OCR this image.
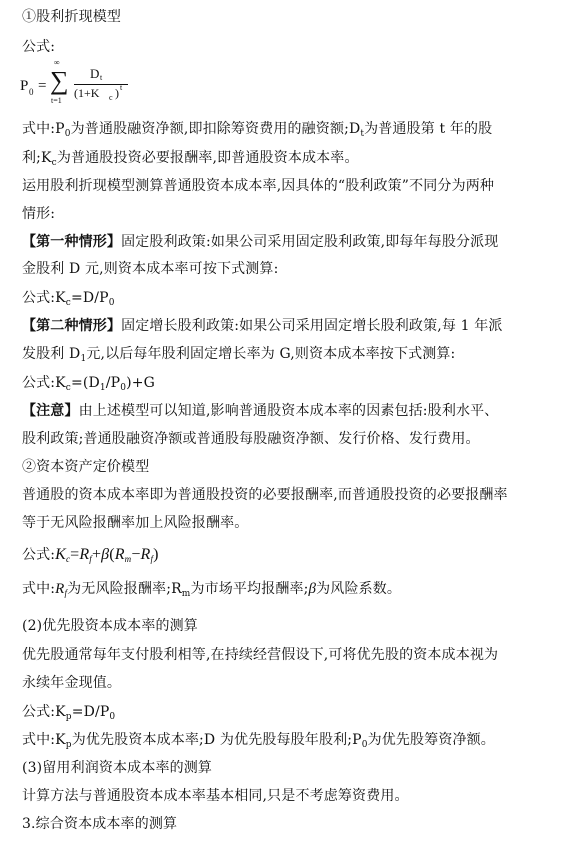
①股利折现模型
公式:
P 0 =
∞
∑
t=1
D t
(1+K c ) t
式中$:P_0$为普通股融资净额,即扣除筹资费用的融资额$;D_t$为普通股第 t 年的股
利$;K_c$为普通股投资必要报酬率,即普通股资本成本率。
运用股利折现模型测算普通股资本成本率,因具体的“股利政策”不同分为两种
情形:
【第一种情形】固定股利政策:如果公司采用固定股利政策,即每年每股分派现
金股利 D 元,则资本成本率可按下式测算:
公式$:K_c=D/P_0$
【第二种情形】固定增长股利政策:如果公司采用固定增长股利政策,每 1 年派
发股利 $D_1$元,以后每年股利固定增长率为 G,则资本成本率按下式测算:
公式$:K_c=(D_1/P_0)+G$
【注意】由上述模型可以知道,影响普通股资本成本率的因素包括:股利水平、
股利政策;普通股融资净额或普通股每股融资净额、发行价格、发行费用。
②资本资产定价模型
普通股的资本成本率即为普通股投资的必要报酬率,而普通股投资的必要报酬率
等于无风险报酬率加上风险报酬率。
公式$:K_c=R_f+\beta(R_m-R_f)$
式中$:R_f$为无风险报酬率$;R_m$为市场平均报酬率;β为风险系数。
(2)优先股资本成本率的测算
优先股通常每年支付股利相等,在持续经营假设下,可将优先股的资本成本视为
永续年金现值。
公式$:K_p=D/P_0$
式中$:K_p$为优先股资本成本率;D 为优先股每股年股利$;P_0$为优先股筹资净额。
(3)留用利润资本成本率的测算
计算方法与普通股资本成本率基本相同,只是不考虑筹资费用。
3.综合资本成本率的测算
